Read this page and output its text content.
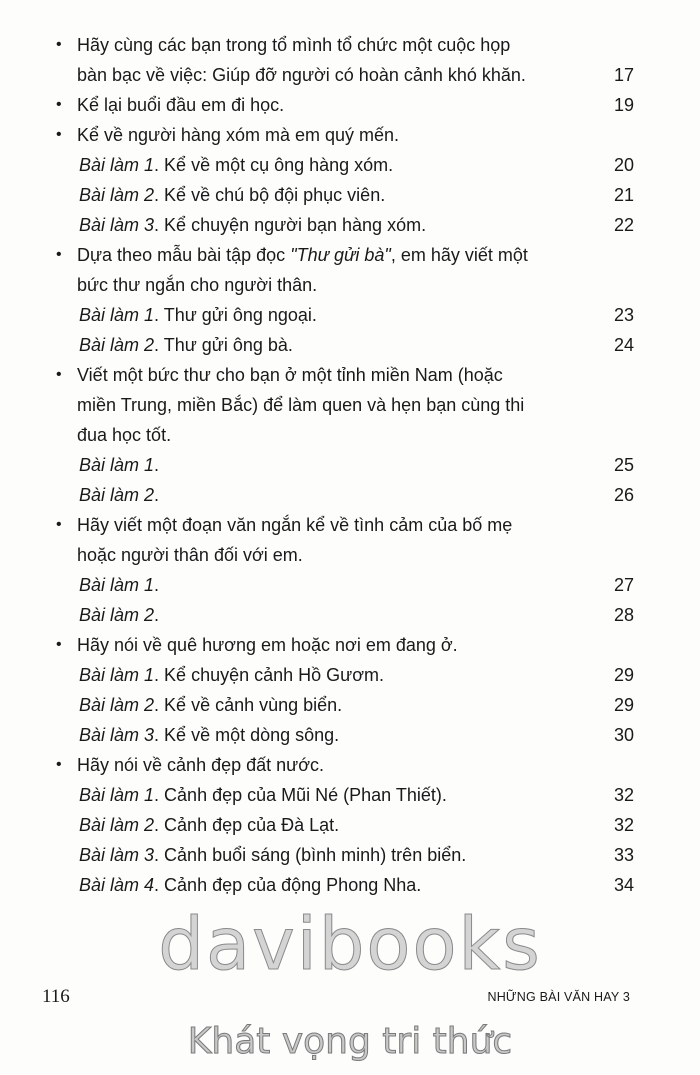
• Hãy cùng các bạn trong tổ mình tổ chức một cuộc họp
bàn bạc về việc: Giúp đỡ người có hoàn cảnh khó khăn.	17
• Kể lại buổi đầu em đi học.	19
• Kể về người hàng xóm mà em quý mến.
Bài làm 1. Kể về một cụ ông hàng xóm.	20
Bài làm 2. Kể về chú bộ đội phục viên.	21
Bài làm 3. Kể chuyện người bạn hàng xóm.	22
• Dựa theo mẫu bài tập đọc "Thư gửi bà", em hãy viết một
bức thư ngắn cho người thân.
Bài làm 1. Thư gửi ông ngoại.	23
Bài làm 2. Thư gửi ông bà.	24
• Viết một bức thư cho bạn ở một tỉnh miền Nam (hoặc
miền Trung, miền Bắc) để làm quen và hẹn bạn cùng thi
đua học tốt.
Bài làm 1.	25
Bài làm 2.	26
• Hãy viết một đoạn văn ngắn kể về tình cảm của bố mẹ
hoặc người thân đối với em.
Bài làm 1.	27
Bài làm 2.	28
• Hãy nói về quê hương em hoặc nơi em đang ở.
Bài làm 1. Kể chuyện cảnh Hồ Gươm.	29
Bài làm 2. Kể về cảnh vùng biển.	29
Bài làm 3. Kể về một dòng sông.	30
• Hãy nói về cảnh đẹp đất nước.
Bài làm 1. Cảnh đẹp của Mũi Né (Phan Thiết).	32
Bài làm 2. Cảnh đẹp của Đà Lạt.	32
Bài làm 3. Cảnh buổi sáng (bình minh) trên biển.	33
Bài làm 4. Cảnh đẹp của động Phong Nha.	34
davibooks
116	NHỮNG BÀI VĂN HAY 3
Khát vọng tri thức
